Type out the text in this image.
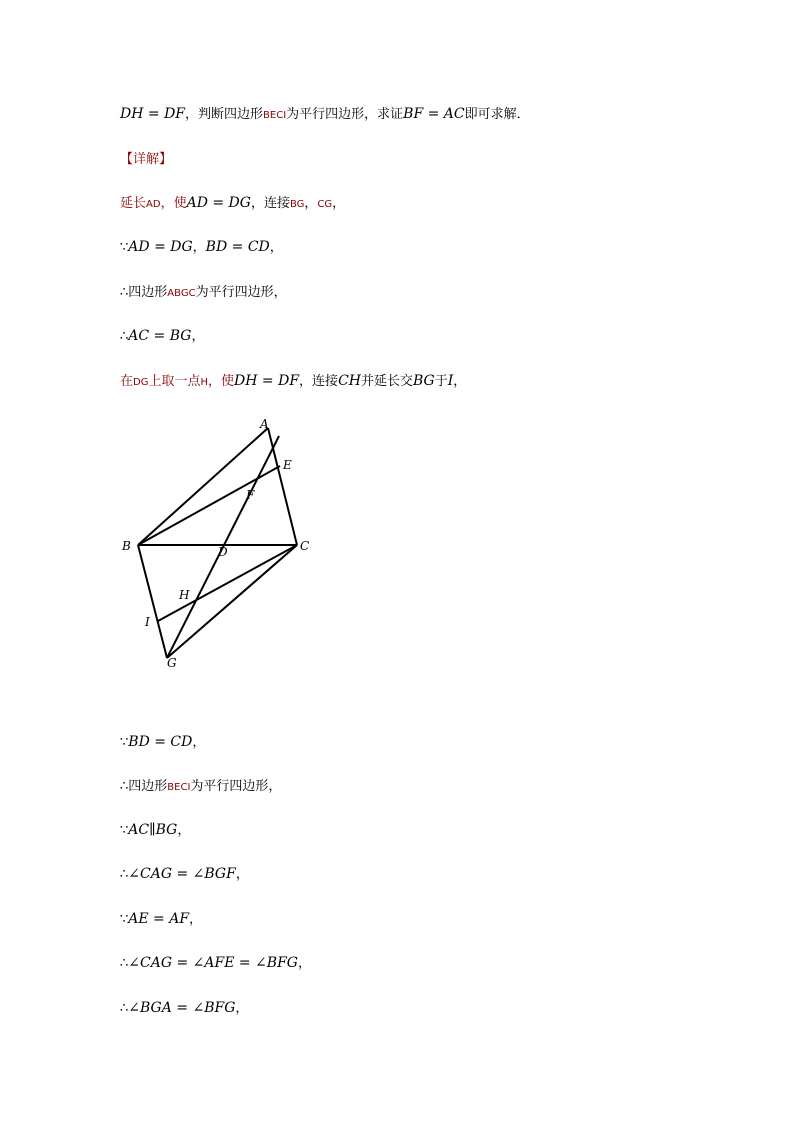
DH = DF，判断四边形BECI为平行四边形，求证BF = AC即可求解．
【详解】
延长AD，使AD = DG，连接BG，CG，
∵AD = DG，BD = CD，
∴四边形ABGC为平行四边形，
∴AC = BG，
在DG上取一点H，使DH = DF，连接CH并延长交BG于I，
A
E
F
B	D	C
H
I
G
∵BD = CD，
∴四边形BECI为平行四边形，
∵AC∥BG，
∴∠CAG = ∠BGF，
∵AE = AF，
∴∠CAG = ∠AFE = ∠BFG，
∴∠BGA = ∠BFG，
